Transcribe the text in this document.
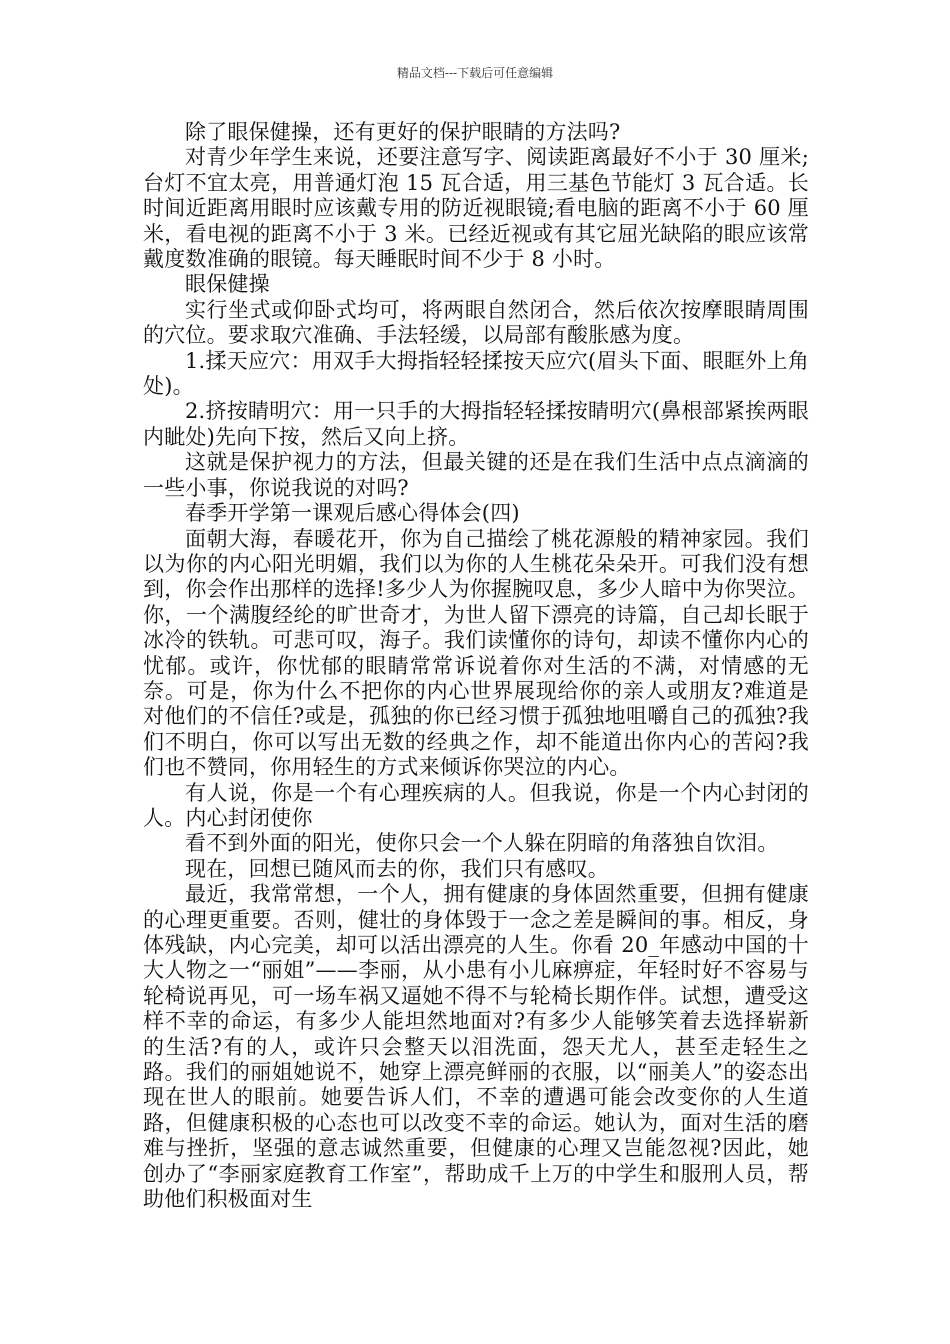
精品文档---下载后可任意编辑

除了眼保健操，还有更好的保护眼睛的方法吗?

对青少年学生来说，还要注意写字、阅读距离最好不小于 30 厘米;台灯不宜太亮，用普通灯泡 15 瓦合适，用三基色节能灯 3 瓦合适。长时间近距离用眼时应该戴专用的防近视眼镜;看电脑的距离不小于 60 厘米，看电视的距离不小于 3 米。已经近视或有其它屈光缺陷的眼应该常戴度数准确的眼镜。每天睡眠时间不少于 8 小时。

眼保健操

实行坐式或仰卧式均可，将两眼自然闭合，然后依次按摩眼睛周围的穴位。要求取穴准确、手法轻缓，以局部有酸胀感为度。

1.揉天应穴：用双手大拇指轻轻揉按天应穴(眉头下面、眼眶外上角处)。

2.挤按睛明穴：用一只手的大拇指轻轻揉按睛明穴(鼻根部紧挨两眼内眦处)先向下按，然后又向上挤。

这就是保护视力的方法，但最关键的还是在我们生活中点点滴滴的一些小事，你说我说的对吗?

春季开学第一课观后感心得体会(四)

面朝大海，春暖花开，你为自己描绘了桃花源般的精神家园。我们以为你的内心阳光明媚，我们以为你的人生桃花朵朵开。可我们没有想到，你会作出那样的选择!多少人为你握腕叹息，多少人暗中为你哭泣。你，一个满腹经纶的旷世奇才，为世人留下漂亮的诗篇，自己却长眠于冰冷的铁轨。可悲可叹，海子。我们读懂你的诗句，却读不懂你内心的忧郁。或许，你忧郁的眼睛常常诉说着你对生活的不满，对情感的无奈。可是，你为什么不把你的内心世界展现给你的亲人或朋友?难道是对他们的不信任?或是，孤独的你已经习惯于孤独地咀嚼自己的孤独?我们不明白，你可以写出无数的经典之作，却不能道出你内心的苦闷?我们也不赞同，你用轻生的方式来倾诉你哭泣的内心。

有人说，你是一个有心理疾病的人。但我说，你是一个内心封闭的人。内心封闭使你

看不到外面的阳光，使你只会一个人躲在阴暗的角落独自饮泪。

现在，回想已随风而去的你，我们只有感叹。

最近，我常常想，一个人，拥有健康的身体固然重要，但拥有健康的心理更重要。否则，健壮的身体毁于一念之差是瞬间的事。相反，身体残缺，内心完美，却可以活出漂亮的人生。你看 20_年感动中国的十大人物之一“丽姐”——李丽，从小患有小儿麻痹症，年轻时好不容易与轮椅说再见，可一场车祸又逼她不得不与轮椅长期作伴。试想，遭受这样不幸的命运，有多少人能坦然地面对?有多少人能够笑着去选择崭新的生活?有的人，或许只会整天以泪洗面，怨天尤人，甚至走轻生之路。我们的丽姐她说不，她穿上漂亮鲜丽的衣服，以“丽美人”的姿态出现在世人的眼前。她要告诉人们，不幸的遭遇可能会改变你的人生道路，但健康积极的心态也可以改变不幸的命运。她认为，面对生活的磨难与挫折，坚强的意志诚然重要，但健康的心理又岂能忽视?因此，她创办了“李丽家庭教育工作室”，帮助成千上万的中学生和服刑人员，帮助他们积极面对生
